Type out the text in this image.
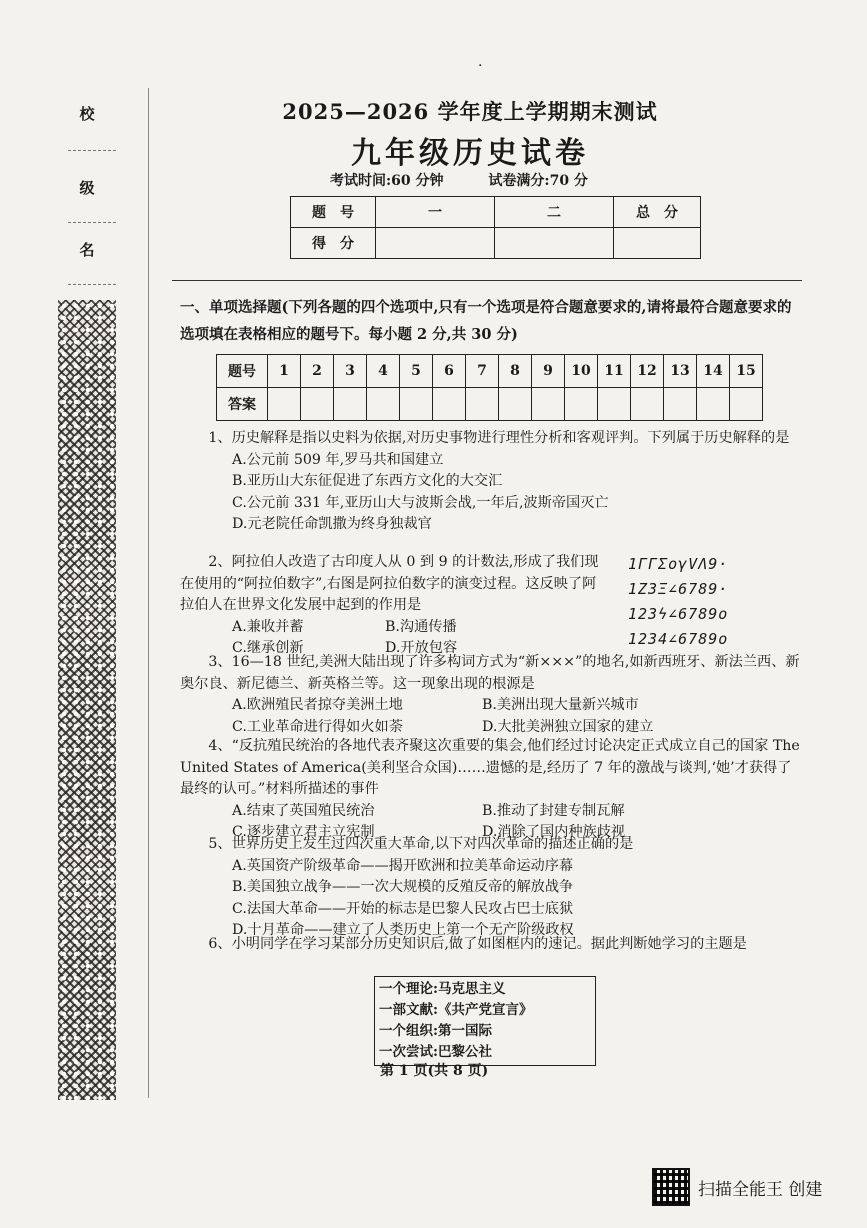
校
级
名
·
2025—2026 学年度上学期期末测试
九年级历史试卷
考试时间:60 分钟	试卷满分:70 分
题　号	一	二	总　分
得　分			
一、单项选择题(下列各题的四个选项中,只有一个选项是符合题意要求的,请将最符合题意要求的选项填在表格相应的题号下。每小题 2 分,共 30 分)
题号	1	2	3	4	5	6	7	8	9	10	11	12	13	14	15
答案															

1、历史解释是指以史料为依据,对历史事物进行理性分析和客观评判。下列属于历史解释的是

A.公元前 509 年,罗马共和国建立

B.亚历山大东征促进了东西方文化的大交汇

C.公元前 331 年,亚历山大与波斯会战,一年后,波斯帝国灭亡

D.元老院任命凯撒为终身独裁官

2、阿拉伯人改造了古印度人从 0 到 9 的计数法,形成了我们现在使用的“阿拉伯数字”,右图是阿拉伯数字的演变过程。这反映了阿拉伯人在世界文化发展中起到的作用是

A.兼收并蓄	B.沟通传播
C.继承创新	D.开放包容
1ΓΓΣογVΛ9·
1Z3Ξ∠6789·
123ϟ∠6789ο
1234∠6789ο

3、16—18 世纪,美洲大陆出现了许多构词方式为“新×××”的地名,如新西班牙、新法兰西、新奥尔良、新尼德兰、新英格兰等。这一现象出现的根源是

A.欧洲殖民者掠夺美洲土地	B.美洲出现大量新兴城市
C.工业革命进行得如火如荼	D.大批美洲独立国家的建立

4、“反抗殖民统治的各地代表齐聚这次重要的集会,他们经过讨论决定正式成立自己的国家 The United States of America(美利坚合众国)……遗憾的是,经历了 7 年的激战与谈判,‘她’才获得了最终的认可。”材料所描述的事件

A.结束了英国殖民统治	B.推动了封建专制瓦解
C.逐步建立君主立宪制	D.消除了国内种族歧视

5、世界历史上发生过四次重大革命,以下对四次革命的描述正确的是

A.英国资产阶级革命——揭开欧洲和拉美革命运动序幕

B.美国独立战争——一次大规模的反殖反帝的解放战争

C.法国大革命——开始的标志是巴黎人民攻占巴士底狱

D.十月革命——建立了人类历史上第一个无产阶级政权

6、小明同学在学习某部分历史知识后,做了如图框内的速记。据此判断她学习的主题是

一个理论:马克思主义
一部文献:《共产党宣言》
一个组织:第一国际
一次尝试:巴黎公社
第 1 页(共 8 页)
扫描全能王 创建
